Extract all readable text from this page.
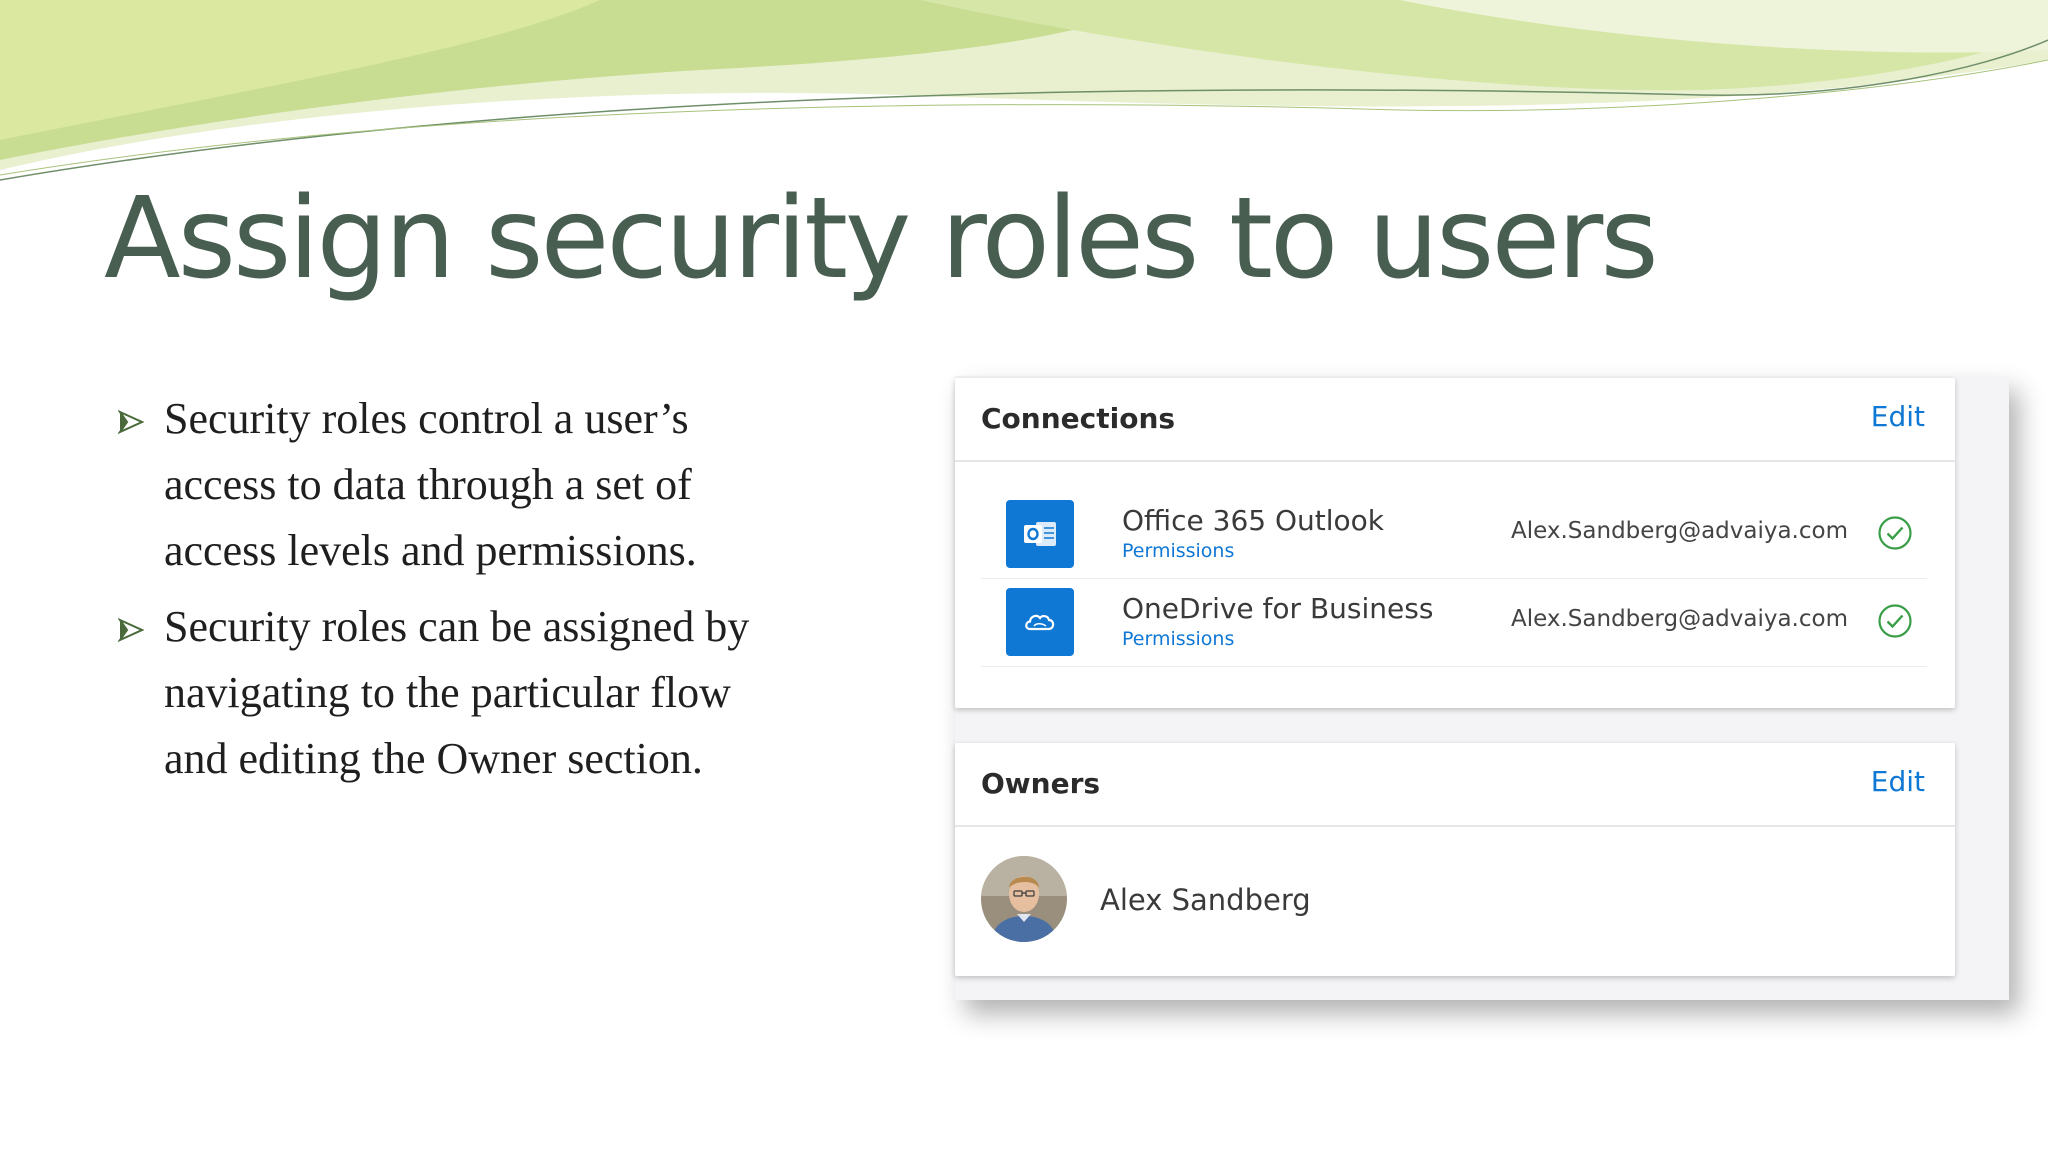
Assign security roles to users
Security roles control a user’s access to data through a set of access levels and permissions.
Security roles can be assigned by navigating to the particular flow and editing the Owner section.
Connections	Edit
Office 365 Outlook
Permissions
Alex.Sandberg@advaiya.com
OneDrive for Business
Permissions
Alex.Sandberg@advaiya.com
Owners	Edit
Alex Sandberg
